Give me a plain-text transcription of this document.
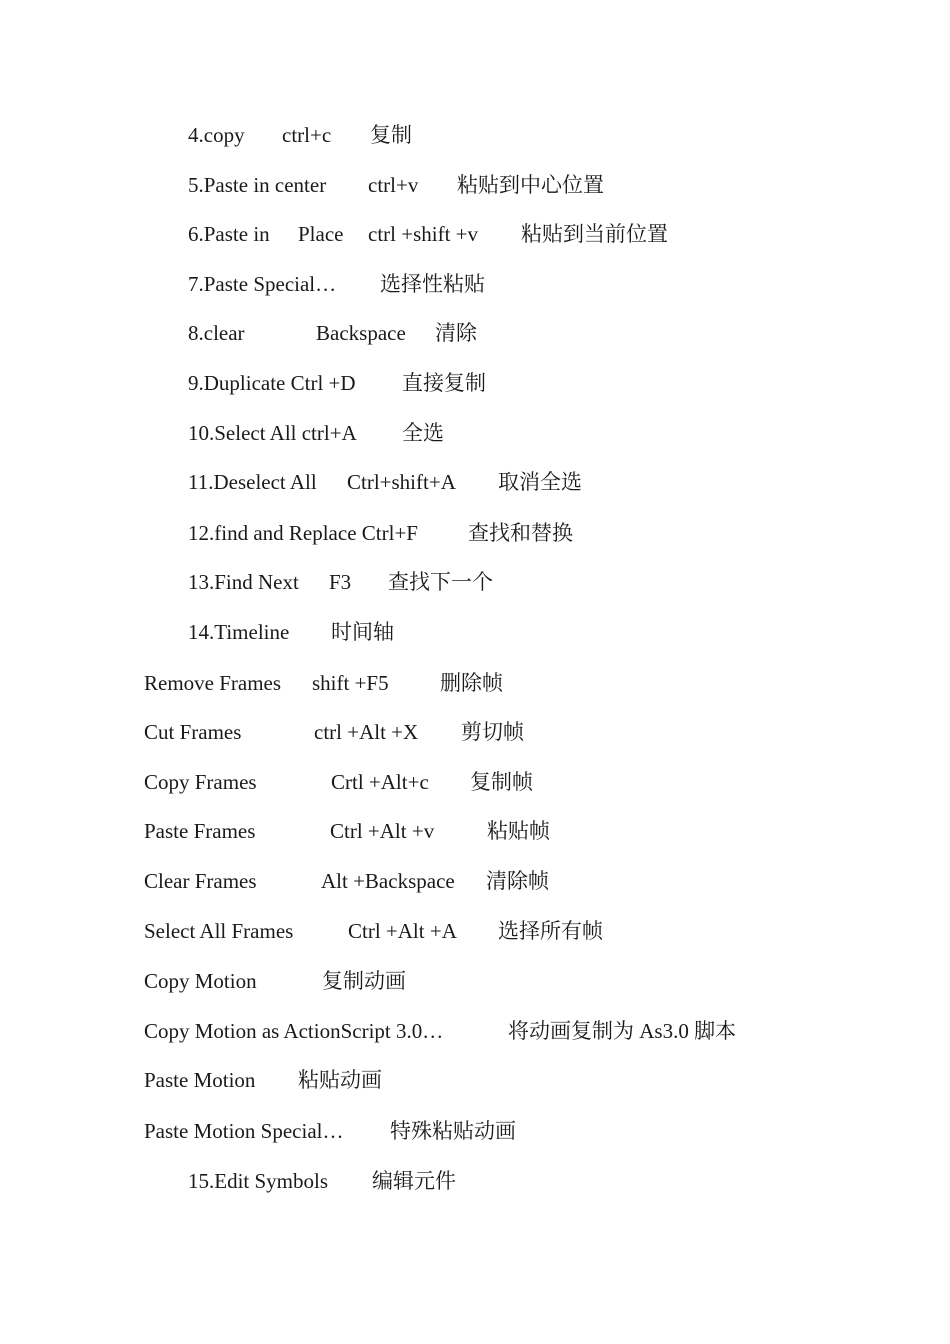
4.copy ctrl+c 复制
5.Paste in center ctrl+v 粘贴到中心位置
6.Paste in Place ctrl +shift +v 粘贴到当前位置
7.Paste Special… 选择性粘贴
8.clear	Backspace 清除
9.Duplicate Ctrl +D 直接复制
10.Select All ctrl+A 全选
11.Deselect All Ctrl+shift+A 取消全选
12.find and Replace Ctrl+F 查找和替换
13.Find Next F3 查找下一个
14.Timeline 时间轴
Remove Frames shift +F5 删除帧
Cut Frames	ctrl +Alt +X 剪切帧
Copy Frames	Crtl +Alt+c 复制帧
Paste Frames	Ctrl +Alt +v	粘贴帧
Clear Frames	Alt +Backspace 清除帧
Select All Frames	Ctrl +Alt +A 选择所有帧
Copy Motion	复制动画
Copy Motion as ActionScript 3.0…	将动画复制为 As3.0 脚本
Paste Motion 粘贴动画
Paste Motion Special… 特殊粘贴动画
15.Edit Symbols 编辑元件
